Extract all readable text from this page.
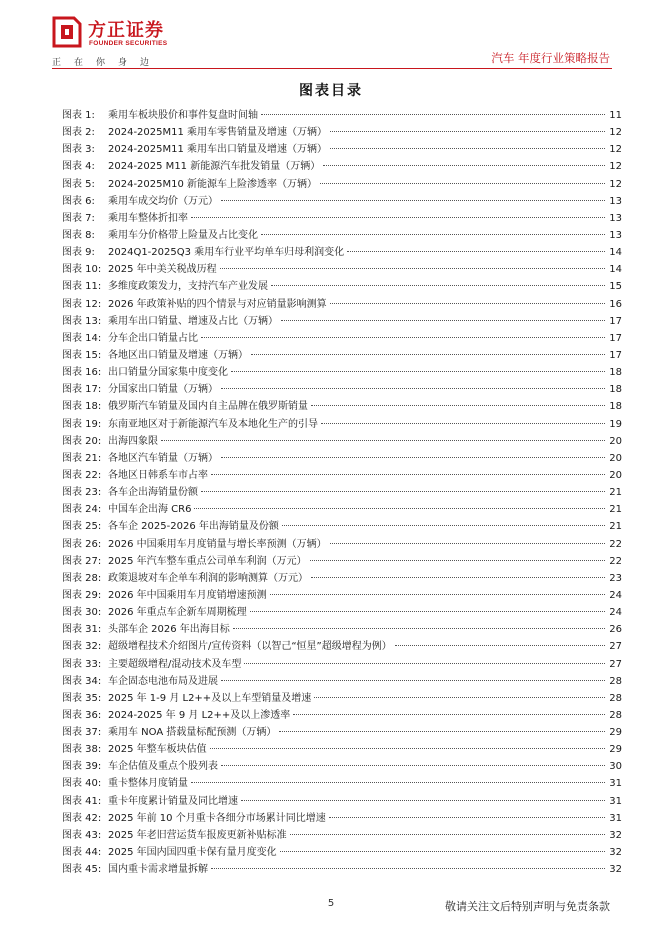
方正证券
FOUNDER SECURITIES
正在你身边	汽车 年度行业策略报告
图表目录
图表 1:	乘用车板块股价和事件复盘时间轴	11
图表 2:	2024-2025M11 乘用车零售销量及增速（万辆）	12
图表 3:	2024-2025M11 乘用车出口销量及增速（万辆）	12
图表 4:	2024-2025 M11 新能源汽车批发销量（万辆）	12
图表 5:	2024-2025M10 新能源车上险渗透率（万辆）	12
图表 6:	乘用车成交均价（万元）	13
图表 7:	乘用车整体折扣率	13
图表 8:	乘用车分价格带上险量及占比变化	13
图表 9:	2024Q1-2025Q3 乘用车行业平均单车归母利润变化	14
图表 10: 2025 年中美关税战历程	14
图表 11: 多维度政策发力，支持汽车产业发展	15
图表 12: 2026 年政策补贴的四个情景与对应销量影响测算	16
图表 13: 乘用车出口销量、增速及占比（万辆）	17
图表 14: 分车企出口销量占比	17
图表 15: 各地区出口销量及增速（万辆）	17
图表 16: 出口销量分国家集中度变化	18
图表 17: 分国家出口销量（万辆）	18
图表 18: 俄罗斯汽车销量及国内自主品牌在俄罗斯销量	18
图表 19: 东南亚地区对于新能源汽车及本地化生产的引导	19
图表 20: 出海四象限	20
图表 21: 各地区汽车销量（万辆）	20
图表 22: 各地区日韩系车市占率	20
图表 23: 各车企出海销量份额	21
图表 24: 中国车企出海 CR6	21
图表 25: 各车企 2025-2026 年出海销量及份额	21
图表 26: 2026 中国乘用车月度销量与增长率预测（万辆）	22
图表 27: 2025 年汽车整车重点公司单车利润（万元）	22
图表 28: 政策退坡对车企单车利润的影响测算（万元）	23
图表 29: 2026 年中国乘用车月度销增速预测	24
图表 30: 2026 年重点车企新车周期梳理	24
图表 31: 头部车企 2026 年出海目标	26
图表 32: 超级增程技术介绍图片/宣传资料（以智己“恒星”超级增程为例）	27
图表 33: 主要超级增程/混动技术及车型	27
图表 34: 车企固态电池布局及进展	28
图表 35: 2025 年 1-9 月 L2++及以上车型销量及增速	28
图表 36: 2024-2025 年 9 月 L2++及以上渗透率	28
图表 37: 乘用车 NOA 搭载量标配预测（万辆）	29
图表 38: 2025 年整车板块估值	29
图表 39: 车企估值及重点个股列表	30
图表 40: 重卡整体月度销量	31
图表 41: 重卡年度累计销量及同比增速	31
图表 42: 2025 年前 10 个月重卡各细分市场累计同比增速	31
图表 43: 2025 年老旧营运货车报废更新补贴标准	32
图表 44: 2025 年国内国四重卡保有量月度变化	32
图表 45: 国内重卡需求增量拆解	32
5	敬请关注文后特别声明与免责条款
